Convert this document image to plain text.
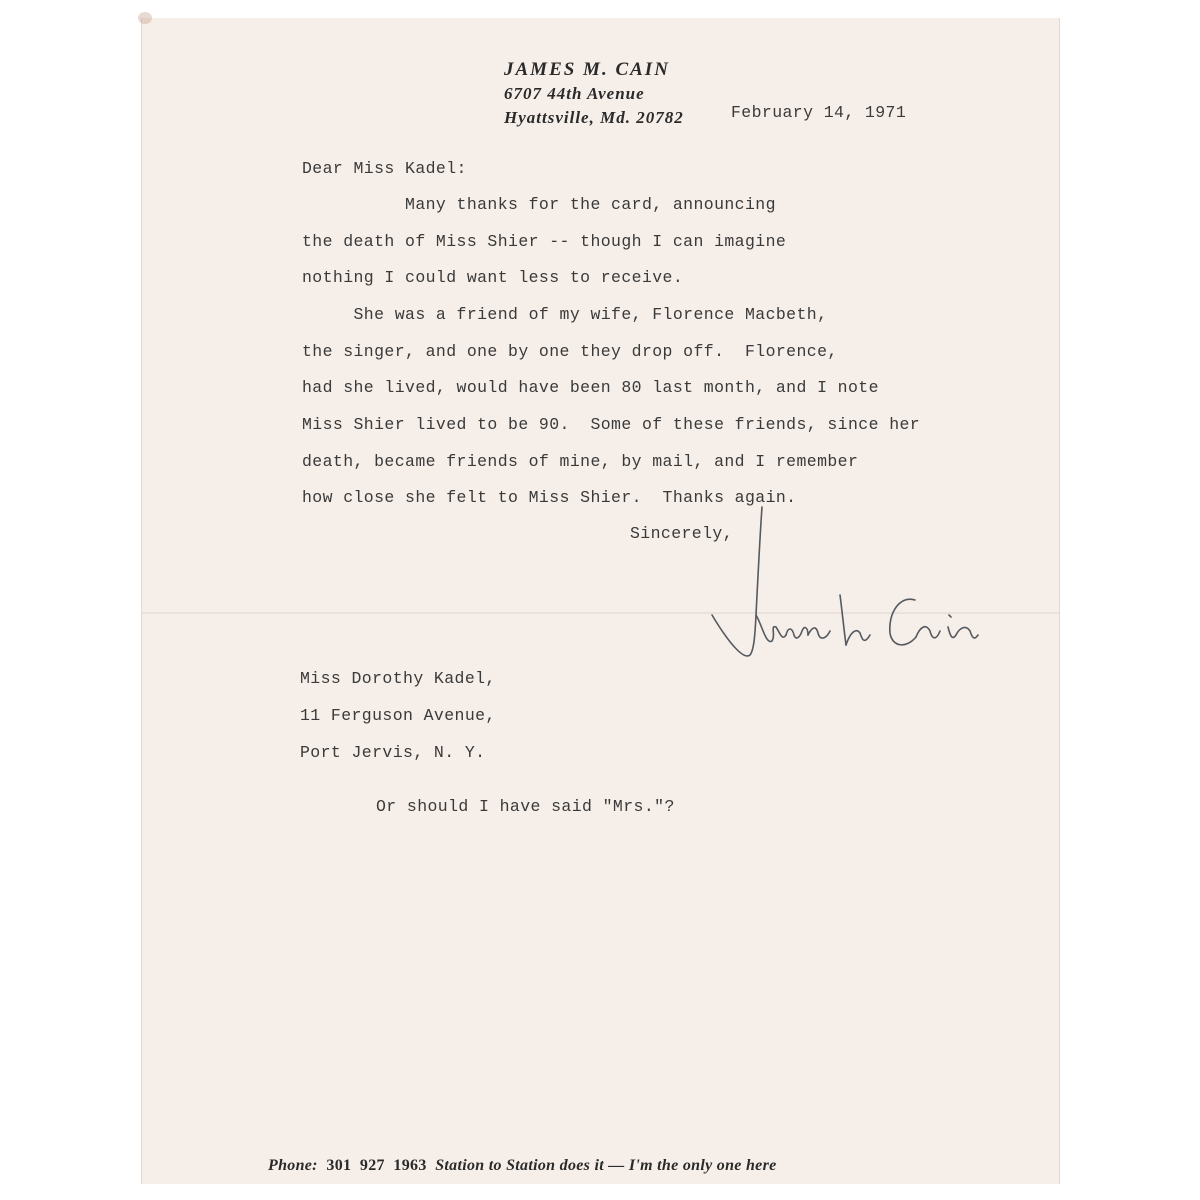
JAMES M. CAIN
6707 44th Avenue
Hyattsville, Md. 20782	February 14, 1971
Dear Miss Kadel:
Many thanks for the card, announcing
the death of Miss Shier -- though I can imagine
nothing I could want less to receive.
She was a friend of my wife, Florence Macbeth,
the singer, and one by one they drop off.  Florence,
had she lived, would have been 80 last month, and I note
Miss Shier lived to be 90.  Some of these friends, since her
death, became friends of mine, by mail, and I remember
how close she felt to Miss Shier.  Thanks again.
Sincerely,
Miss Dorothy Kadel,
11 Ferguson Avenue,
Port Jervis, N. Y.
Or should I have said "Mrs."?
Phone: 301  927  1963 Station to Station does it — I'm the only one here
